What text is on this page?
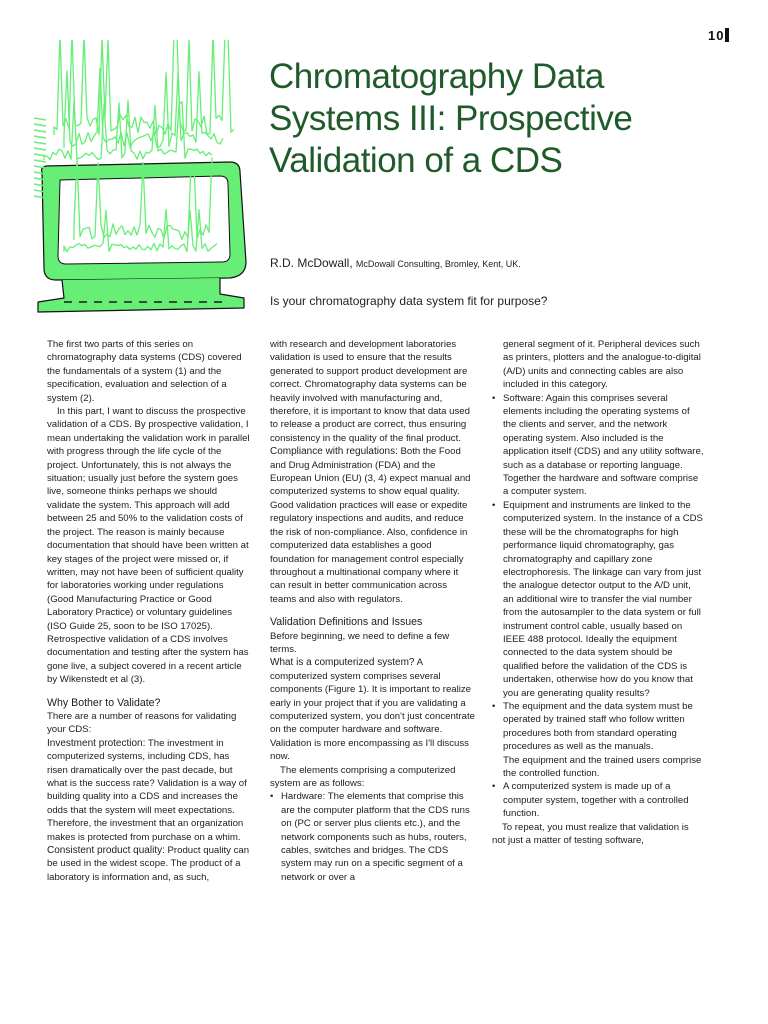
10
Chromatography Data Systems III: Prospective Validation of a CDS
R.D. McDowall, McDowall Consulting, Bromley, Kent, UK.
Is your chromatography data system fit for purpose?

The first two parts of this series on chromatography data systems (CDS) covered the fundamentals of a system (1) and the specification, evaluation and selection of a system (2).

In this part, I want to discuss the prospective validation of a CDS. By prospective validation, I mean undertaking the validation work in parallel with progress through the life cycle of the project. Unfortunately, this is not always the situation; usually just before the system goes live, someone thinks perhaps we should validate the system. This approach will add between 25 and 50% to the validation costs of the project. The reason is mainly because documentation that should have been written at key stages of the project were missed or, if written, may not have been of sufficient quality for laboratories working under regulations (Good Manufacturing Practice or Good Laboratory Practice) or voluntary guidelines (ISO Guide 25, soon to be ISO 17025). Retrospective validation of a CDS involves documentation and testing after the system has gone live, a subject covered in a recent article by Wikenstedt et al (3).

Why Bother to Validate?

There are a number of reasons for validating your CDS:

Investment protection: The investment in computerized systems, including CDS, has risen dramatically over the past decade, but what is the success rate? Validation is a way of building quality into a CDS and increases the odds that the system will meet expectations. Therefore, the investment that an organization makes is protected from purchase on a whim.

Consistent product quality: Product quality can be used in the widest scope. The product of a laboratory is information and, as such,

with research and development laboratories validation is used to ensure that the results generated to support product development are correct. Chromatography data systems can be heavily involved with manufacturing and, therefore, it is important to know that data used to release a product are correct, thus ensuring consistency in the quality of the final product.

Compliance with regulations: Both the Food and Drug Administration (FDA) and the European Union (EU) (3, 4) expect manual and computerized systems to show equal quality. Good validation practices will ease or expedite regulatory inspections and audits, and reduce the risk of non-compliance. Also, confidence in computerized data establishes a good foundation for management control especially throughout a multinational company where it can result in better communication across teams and also with regulators.

Validation Definitions and Issues

Before beginning, we need to define a few terms.

What is a computerized system? A computerized system comprises several components (Figure 1). It is important to realize early in your project that if you are validating a computerized system, you don't just concentrate on the computer hardware and software. Validation is more encompassing as I'll discuss now.

The elements comprising a computerized system are as follows:

• Hardware: The elements that comprise this are the computer platform that the CDS runs on (PC or server plus clients etc.), and the network components such as hubs, routers, cables, switches and bridges. The CDS system may run on a specific segment of a network or over a

general segment of it. Peripheral devices such as printers, plotters and the analogue-to-digital (A/D) units and connecting cables are also included in this category.

• Software: Again this comprises several elements including the operating systems of the clients and server, and the network operating system. Also included is the application itself (CDS) and any utility software, such as a database or reporting language.

Together the hardware and software comprise a computer system.

• Equipment and instruments are linked to the computerized system. In the instance of a CDS these will be the chromatographs for high performance liquid chromatography, gas chromatography and capillary zone electrophoresis. The linkage can vary from just the analogue detector output to the A/D unit, an additional wire to transfer the vial number from the autosampler to the data system or full instrument control cable, usually based on IEEE 488 protocol. Ideally the equipment connected to the data system should be qualified before the validation of the CDS is undertaken, otherwise how do you know that you are generating quality results?
• The equipment and the data system must be operated by trained staff who follow written procedures both from standard operating procedures as well as the manuals.

The equipment and the trained users comprise the controlled function.

• A computerized system is made up of a computer system, together with a controlled function.

To repeat, you must realize that validation is not just a matter of testing software,
